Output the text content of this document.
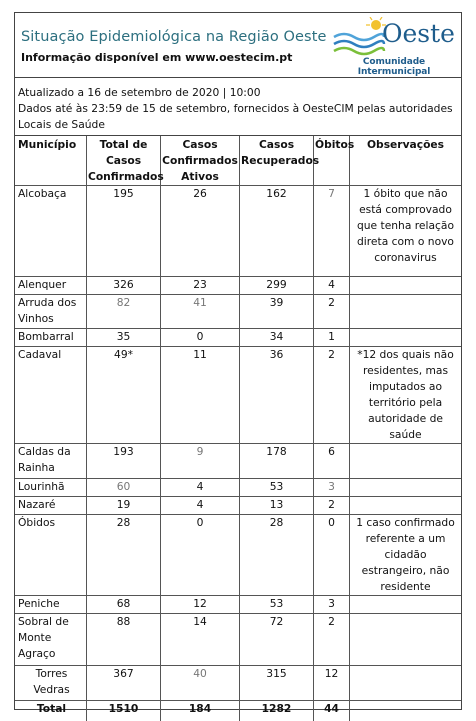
Situação Epidemiológica na Região Oeste
Informação disponível em www.oestecim.pt
Oeste
Comunidade Intermunicipal
Atualizado a 16 de setembro de 2020 | 10:00
Dados até às 23:59 de 15 de setembro, fornecidos à OesteCIM pelas autoridades Locais de Saúde
Município	Total de Casos Confirmados	Casos Confirmados Ativos	Casos Recuperados	Óbitos	Observações
Alcobaça	195	26	162	7	1 óbito que não está comprovado que tenha relação direta com o novo coronavirus
Alenquer	326	23	299	4	
Arruda dos Vinhos	82	41	39	2	
Bombarral	35	0	34	1	
Cadaval	49*	11	36	2	*12 dos quais não residentes, mas imputados ao território pela autoridade de saúde
Caldas da Rainha	193	9	178	6	
Lourinhã	60	4	53	3	
Nazaré	19	4	13	2	
Óbidos	28	0	28	0	1 caso confirmado referente a um cidadão estrangeiro, não residente
Peniche	68	12	53	3	
Sobral de Monte Agraço	88	14	72	2	
Torres Vedras	367	40	315	12	
Total	1510	184	1282	44	
